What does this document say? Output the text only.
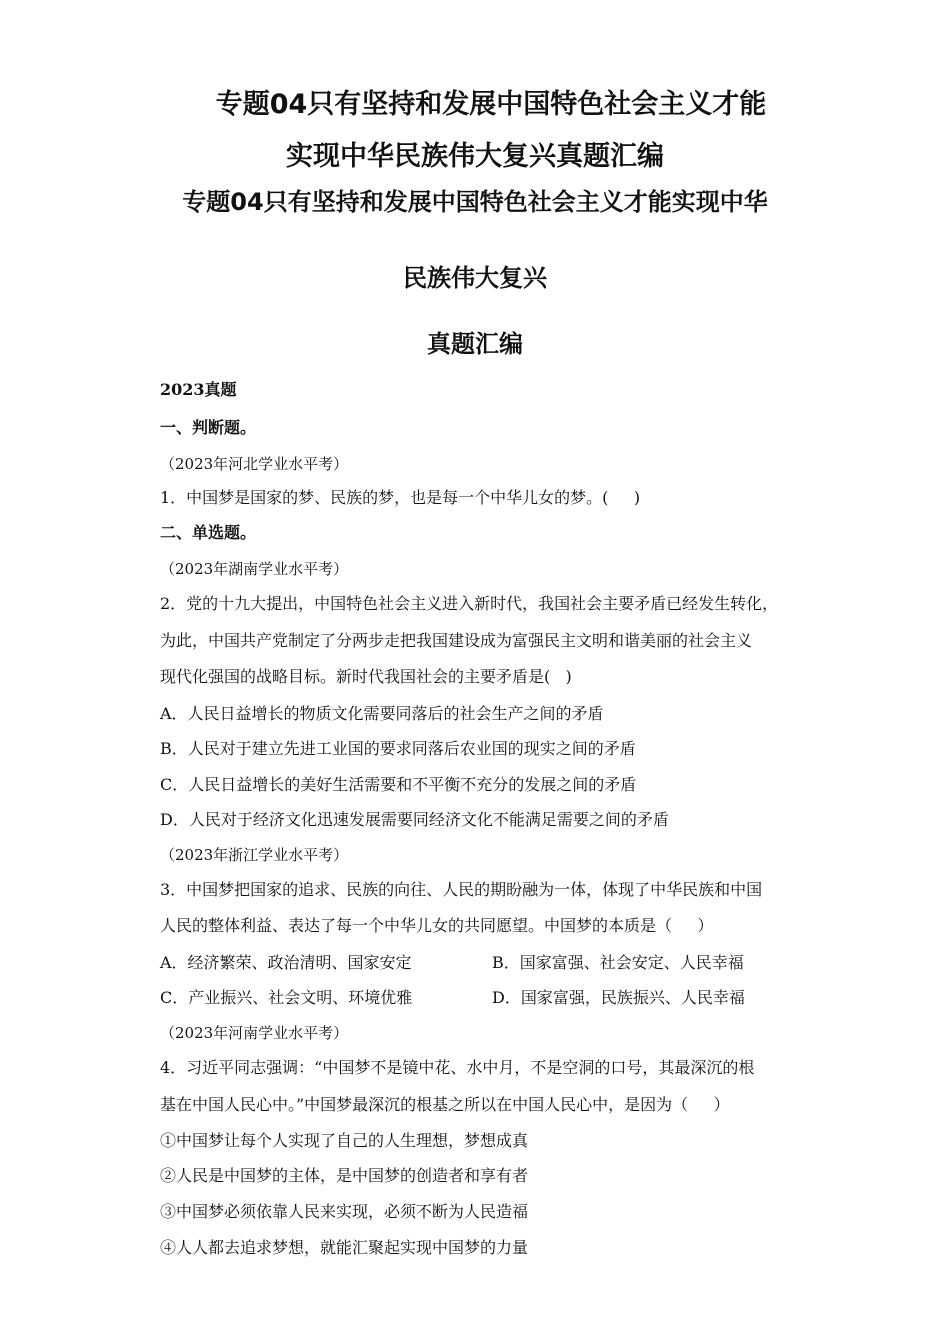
专题04只有坚持和发展中国特色社会主义才能
实现中华民族伟大复兴真题汇编
专题04只有坚持和发展中国特色社会主义才能实现中华
民族伟大复兴
真题汇编
2023真题
一、判断题。
（2023年河北学业水平考）
1．中国梦是国家的梦、民族的梦，也是每一个中华儿女的梦。(     )
二、单选题。
（2023年湖南学业水平考）
2．党的十九大提出，中国特色社会主义进入新时代，我国社会主要矛盾已经发生转化，
为此，中国共产党制定了分两步走把我国建设成为富强民主文明和谐美丽的社会主义
现代化强国的战略目标。新时代我国社会的主要矛盾是(   )
A．人民日益增长的物质文化需要同落后的社会生产之间的矛盾
B．人民对于建立先进工业国的要求同落后农业国的现实之间的矛盾
C．人民日益增长的美好生活需要和不平衡不充分的发展之间的矛盾
D．人民对于经济文化迅速发展需要同经济文化不能满足需要之间的矛盾
（2023年浙江学业水平考）
3．中国梦把国家的追求、民族的向往、人民的期盼融为一体，体现了中华民族和中国
人民的整体利益、表达了每一个中华儿女的共同愿望。中国梦的本质是（     ）
A．经济繁荣、政治清明、国家安定	B．国家富强、社会安定、人民幸福
C．产业振兴、社会文明、环境优雅	D．国家富强，民族振兴、人民幸福
（2023年河南学业水平考）
4．习近平同志强调：“中国梦不是镜中花、水中月，不是空洞的口号，其最深沉的根
基在中国人民心中。”中国梦最深沉的根基之所以在中国人民心中，是因为（     ）
①中国梦让每个人实现了自己的人生理想，梦想成真
②人民是中国梦的主体，是中国梦的创造者和享有者
③中国梦必须依靠人民来实现，必须不断为人民造福
④人人都去追求梦想，就能汇聚起实现中国梦的力量
